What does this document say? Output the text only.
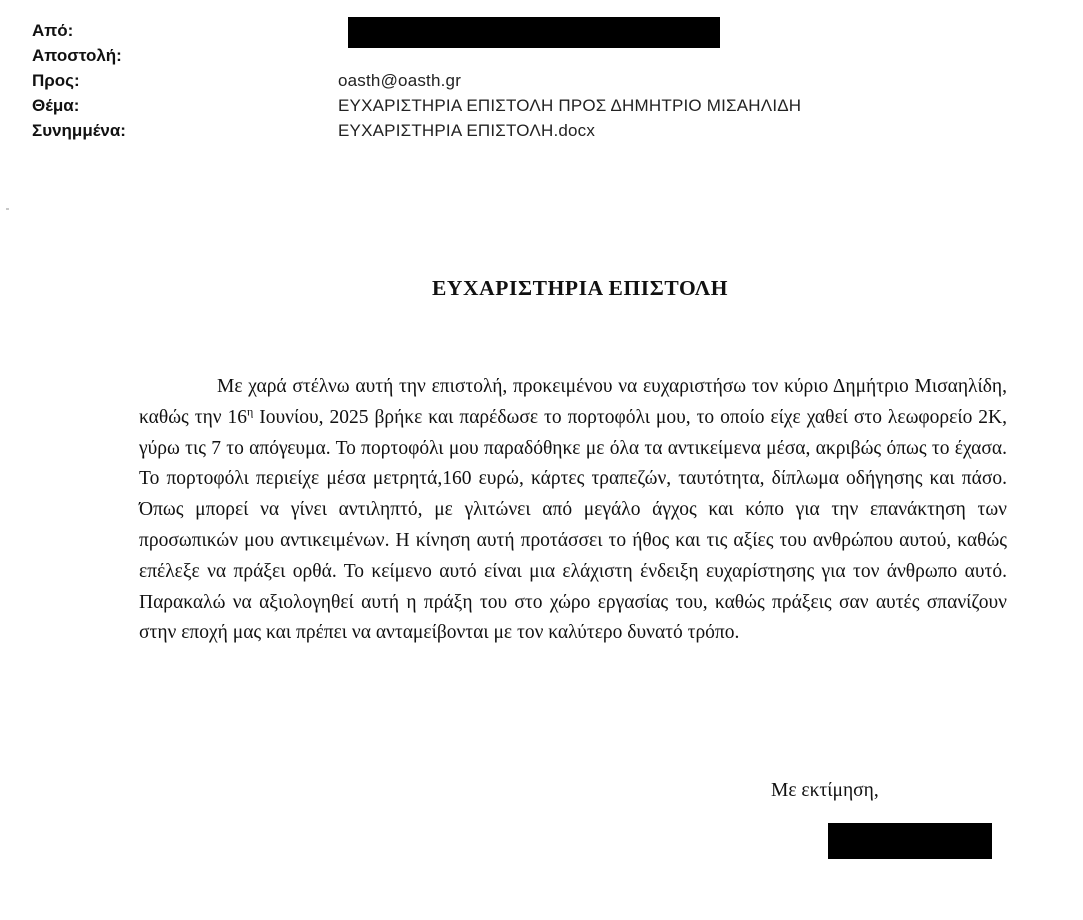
Από:
Αποστολή:
Προς:	oasth@oasth.gr
Θέμα:	ΕΥΧΑΡΙΣΤΗΡΙΑ ΕΠΙΣΤΟΛΗ ΠΡΟΣ ΔΗΜΗΤΡΙΟ ΜΙΣΑΗΛΙΔΗ
Συνημμένα:	ΕΥΧΑΡΙΣΤΗΡΙΑ ΕΠΙΣΤΟΛΗ.docx
ΕΥΧΑΡΙΣΤΗΡΙΑ ΕΠΙΣΤΟΛΗ

Με χαρά στέλνω αυτή την επιστολή, προκειμένου να ευχαριστήσω τον κύριο Δημήτριο Μισαηλίδη, καθώς την $16^\eta$ Ιουνίου, 2025 βρήκε και παρέδωσε το πορτοφόλι μου, το οποίο είχε χαθεί στο λεωφορείο 2Κ, γύρω τις 7 το απόγευμα. Το πορτοφόλι μου παραδόθηκε με όλα τα αντικείμενα μέσα, ακριβώς όπως το έχασα. Το πορτοφόλι περιείχε μέσα μετρητά,160 ευρώ, κάρτες τραπεζών, ταυτότητα, δίπλωμα οδήγησης και πάσο. Όπως μπορεί να γίνει αντιληπτό, με γλιτώνει από μεγάλο άγχος και κόπο για την επανάκτηση των προσωπικών μου αντικειμένων. Η κίνηση αυτή προτάσσει το ήθος και τις αξίες του ανθρώπου αυτού, καθώς επέλεξε να πράξει ορθά. Το κείμενο αυτό είναι μια ελάχιστη ένδειξη ευχαρίστησης για τον άνθρωπο αυτό. Παρακαλώ να αξιολογηθεί αυτή η πράξη του στο χώρο εργασίας του, καθώς πράξεις σαν αυτές σπανίζουν στην εποχή μας και πρέπει να ανταμείβονται με τον καλύτερο δυνατό τρόπο.

Με εκτίμηση,
